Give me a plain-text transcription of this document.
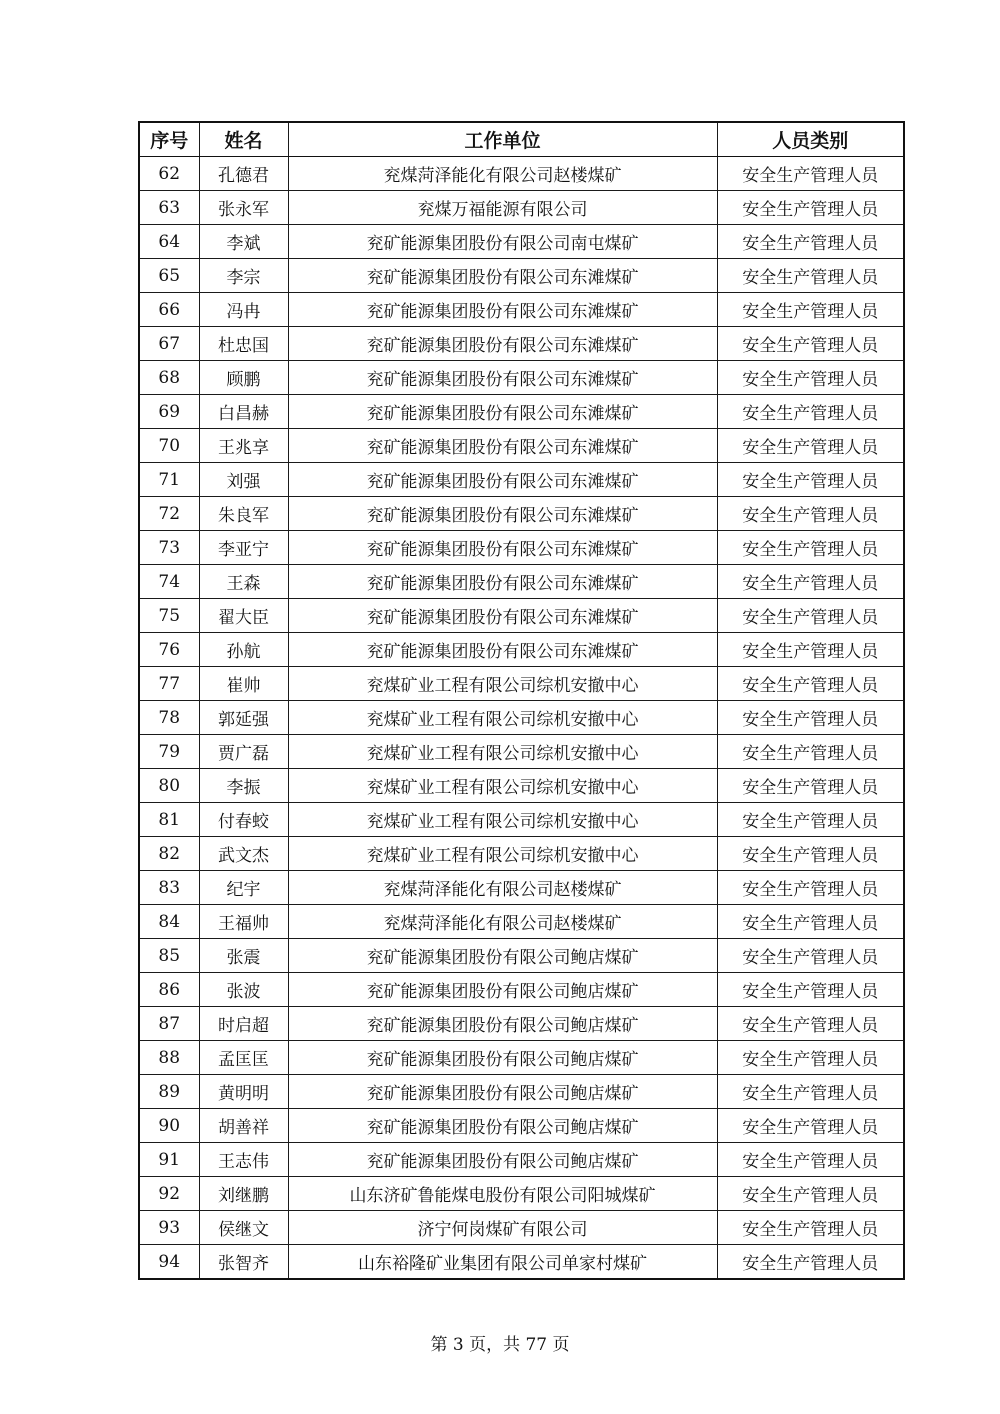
序号	姓名	工作单位	人员类别
62	孔德君	兖煤菏泽能化有限公司赵楼煤矿	安全生产管理人员
63	张永军	兖煤万福能源有限公司	安全生产管理人员
64	李斌	兖矿能源集团股份有限公司南屯煤矿	安全生产管理人员
65	李宗	兖矿能源集团股份有限公司东滩煤矿	安全生产管理人员
66	冯冉	兖矿能源集团股份有限公司东滩煤矿	安全生产管理人员
67	杜忠国	兖矿能源集团股份有限公司东滩煤矿	安全生产管理人员
68	顾鹏	兖矿能源集团股份有限公司东滩煤矿	安全生产管理人员
69	白昌赫	兖矿能源集团股份有限公司东滩煤矿	安全生产管理人员
70	王兆享	兖矿能源集团股份有限公司东滩煤矿	安全生产管理人员
71	刘强	兖矿能源集团股份有限公司东滩煤矿	安全生产管理人员
72	朱良军	兖矿能源集团股份有限公司东滩煤矿	安全生产管理人员
73	李亚宁	兖矿能源集团股份有限公司东滩煤矿	安全生产管理人员
74	王森	兖矿能源集团股份有限公司东滩煤矿	安全生产管理人员
75	翟大臣	兖矿能源集团股份有限公司东滩煤矿	安全生产管理人员
76	孙航	兖矿能源集团股份有限公司东滩煤矿	安全生产管理人员
77	崔帅	兖煤矿业工程有限公司综机安撤中心	安全生产管理人员
78	郭延强	兖煤矿业工程有限公司综机安撤中心	安全生产管理人员
79	贾广磊	兖煤矿业工程有限公司综机安撤中心	安全生产管理人员
80	李振	兖煤矿业工程有限公司综机安撤中心	安全生产管理人员
81	付春蛟	兖煤矿业工程有限公司综机安撤中心	安全生产管理人员
82	武文杰	兖煤矿业工程有限公司综机安撤中心	安全生产管理人员
83	纪宇	兖煤菏泽能化有限公司赵楼煤矿	安全生产管理人员
84	王福帅	兖煤菏泽能化有限公司赵楼煤矿	安全生产管理人员
85	张震	兖矿能源集团股份有限公司鲍店煤矿	安全生产管理人员
86	张波	兖矿能源集团股份有限公司鲍店煤矿	安全生产管理人员
87	时启超	兖矿能源集团股份有限公司鲍店煤矿	安全生产管理人员
88	孟匡匡	兖矿能源集团股份有限公司鲍店煤矿	安全生产管理人员
89	黄明明	兖矿能源集团股份有限公司鲍店煤矿	安全生产管理人员
90	胡善祥	兖矿能源集团股份有限公司鲍店煤矿	安全生产管理人员
91	王志伟	兖矿能源集团股份有限公司鲍店煤矿	安全生产管理人员
92	刘继鹏	山东济矿鲁能煤电股份有限公司阳城煤矿	安全生产管理人员
93	侯继文	济宁何岗煤矿有限公司	安全生产管理人员
94	张智齐	山东裕隆矿业集团有限公司单家村煤矿	安全生产管理人员
第 3 页，共 77 页
